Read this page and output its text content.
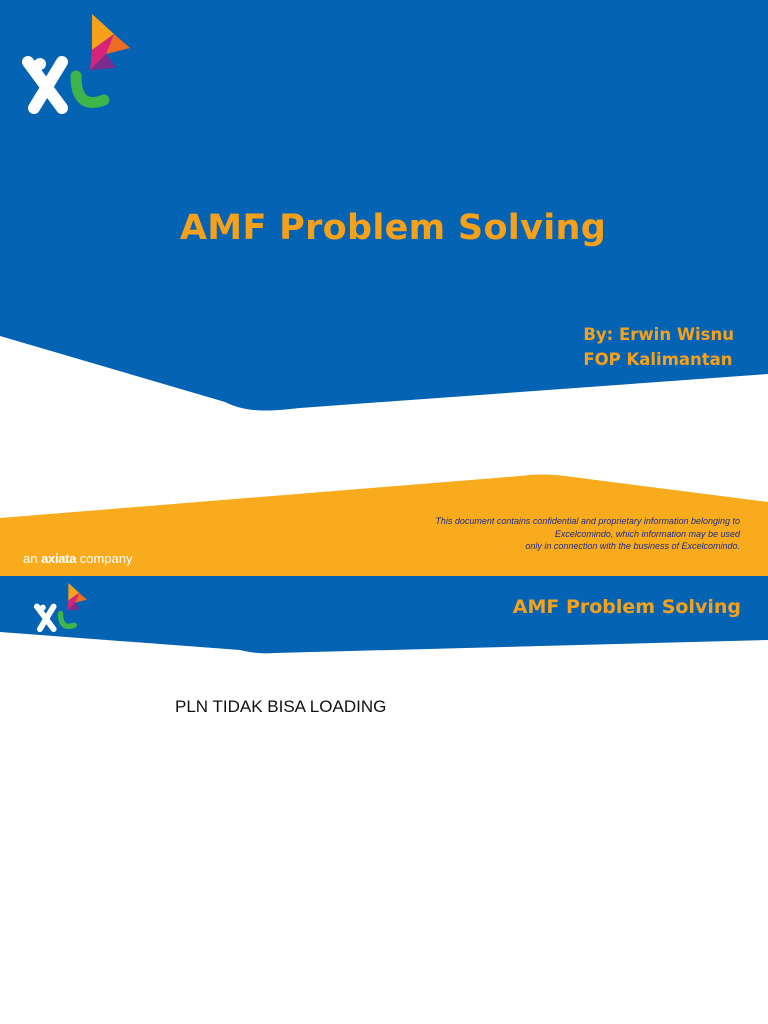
AMF Problem Solving
By: Erwin Wisnu
FOP Kalimantan
This document contains confidential and proprietary information belonging to
Excelcomindo, which information may be used
only in connection with the business of Excelcomindo.
an axiata company
AMF Problem Solving
PLN TIDAK BISA LOADING
